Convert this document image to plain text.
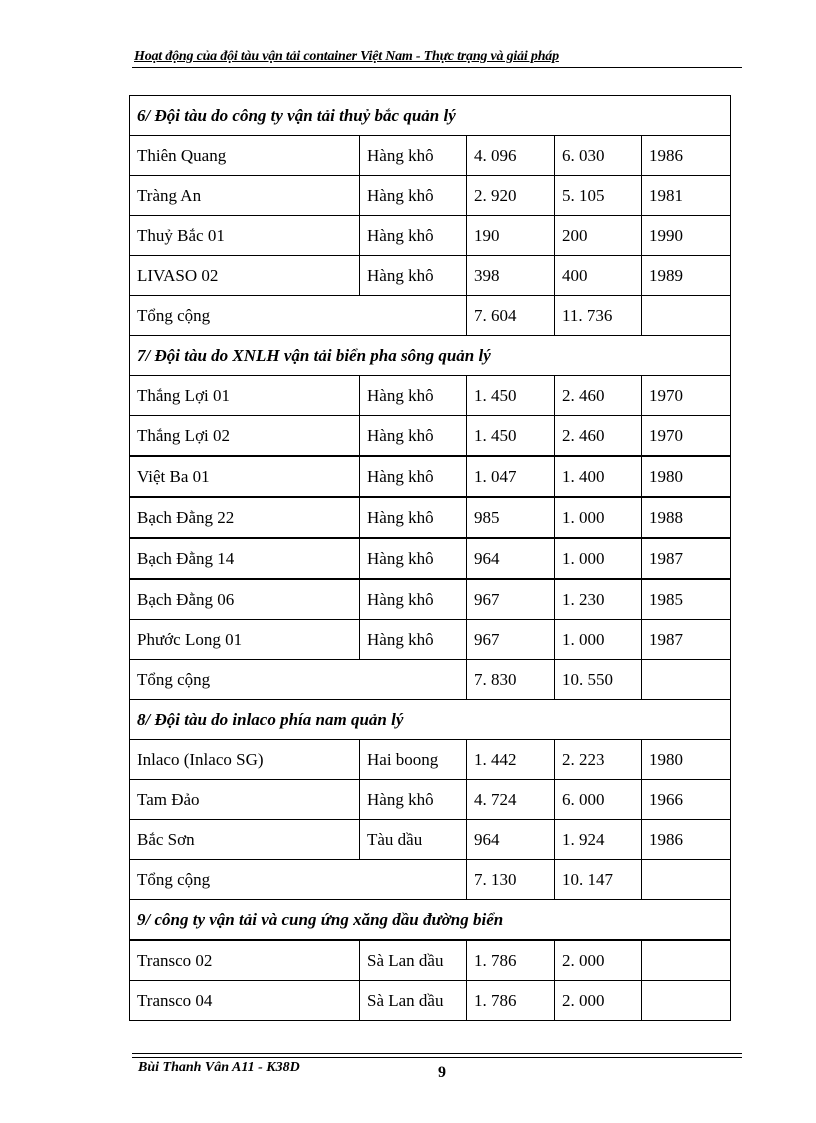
Hoạt động của đội tàu vận tải container Việt Nam - Thực trạng và giải pháp
6/ Đội tàu do công ty vận tải thuỷ bắc quản lý				
Thiên Quang	Hàng khô	4. 096	6. 030	1986
Tràng An	Hàng khô	2. 920	5. 105	1981
Thuỷ Bắc 01	Hàng khô	190	200	1990
LIVASO 02	Hàng khô	398	400	1989
Tổng cộng		7. 604	11. 736	
7/ Đội tàu do XNLH vận tải biển pha sông quản lý				
Thắng Lợi 01	Hàng khô	1. 450	2. 460	1970
Thắng Lợi 02	Hàng khô	1. 450	2. 460	1970
Việt Ba 01	Hàng khô	1. 047	1. 400	1980
Bạch Đằng 22	Hàng khô	985	1. 000	1988
Bạch Đằng 14	Hàng khô	964	1. 000	1987
Bạch Đằng 06	Hàng khô	967	1. 230	1985
Phước Long 01	Hàng khô	967	1. 000	1987
Tổng cộng		7. 830	10. 550	
8/ Đội tàu do inlaco phía nam quản lý				
Inlaco (Inlaco SG)	Hai boong	1. 442	2. 223	1980
Tam Đảo	Hàng khô	4. 724	6. 000	1966
Bắc Sơn	Tàu dầu	964	1. 924	1986
Tổng cộng		7. 130	10. 147	
9/ công ty vận tải và cung ứng xăng dầu đường biển				
Transco 02	Sà Lan dầu	1. 786	2. 000	
Transco 04	Sà Lan dầu	1. 786	2. 000	
Bùi Thanh Vân A11 - K38D	9
